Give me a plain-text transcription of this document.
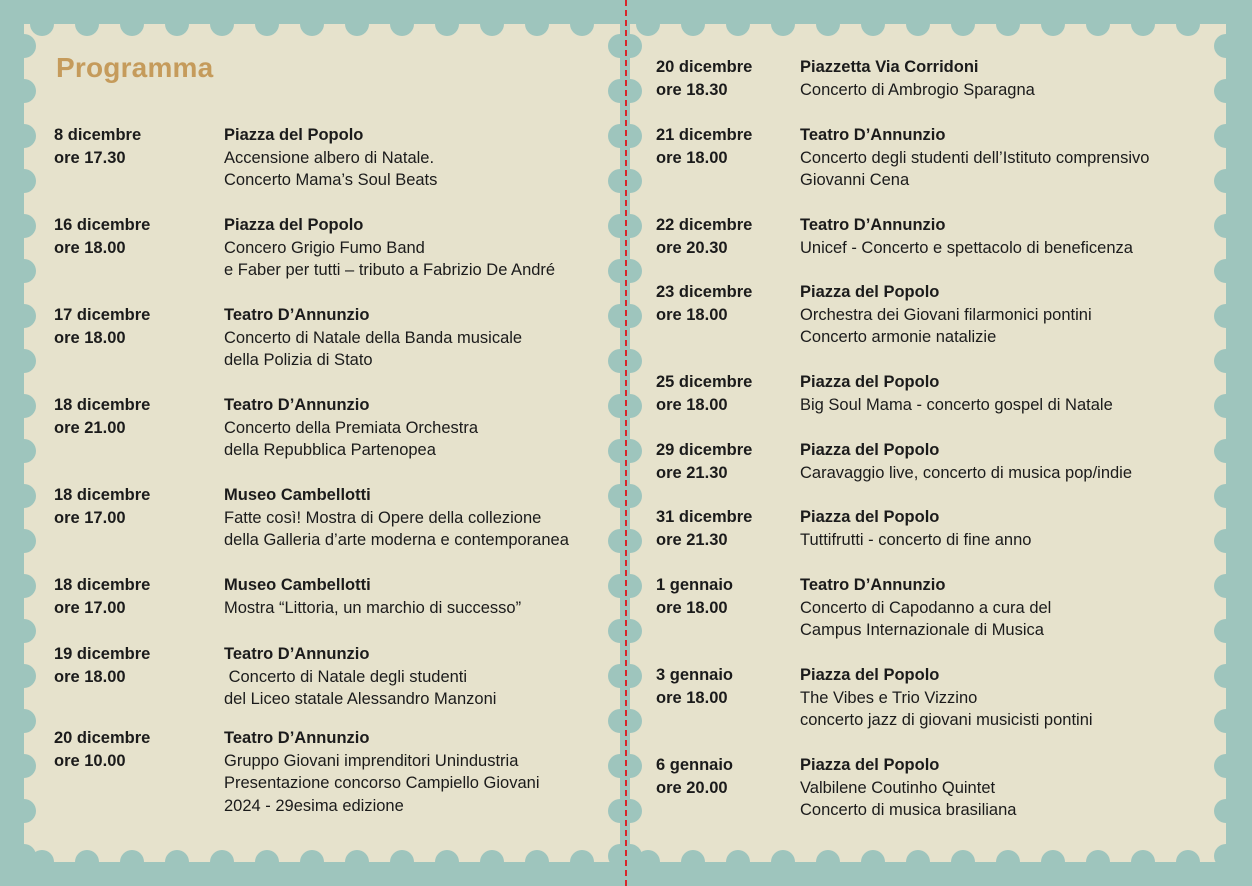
Programma
8 dicembre
ore 17.30
Piazza del Popolo
Accensione albero di Natale.
Concerto Mama’s Soul Beats
16 dicembre
ore 18.00
Piazza del Popolo
Concero Grigio Fumo Band
e Faber per tutti – tributo a Fabrizio De André
17 dicembre
ore 18.00
Teatro D’Annunzio
Concerto di Natale della Banda musicale
della Polizia di Stato
18 dicembre
ore 21.00
Teatro D’Annunzio
Concerto della Premiata Orchestra
della Repubblica Partenopea
18 dicembre
ore 17.00
Museo Cambellotti
Fatte così! Mostra di Opere della collezione
della Galleria d’arte moderna e contemporanea
18 dicembre
ore 17.00
Museo Cambellotti
Mostra “Littoria, un marchio di successo”
19 dicembre
ore 18.00
Teatro D’Annunzio
Concerto di Natale degli studenti
del Liceo statale Alessandro Manzoni
20 dicembre
ore 10.00
Teatro D’Annunzio
Gruppo Giovani imprenditori Unindustria
Presentazione concorso Campiello Giovani
2024 - 29esima edizione
20 dicembre
ore 18.30
Piazzetta Via Corridoni
Concerto di Ambrogio Sparagna
21 dicembre
ore 18.00
Teatro D’Annunzio
Concerto degli studenti dell’Istituto comprensivo
Giovanni Cena
22 dicembre
ore 20.30
Teatro D’Annunzio
Unicef - Concerto e spettacolo di beneficenza
23 dicembre
ore 18.00
Piazza del Popolo
Orchestra dei Giovani filarmonici pontini
Concerto armonie natalizie
25 dicembre
ore 18.00
Piazza del Popolo
Big Soul Mama - concerto gospel di Natale
29 dicembre
ore 21.30
Piazza del Popolo
Caravaggio live, concerto di musica pop/indie
31 dicembre
ore 21.30
Piazza del Popolo
Tuttifrutti - concerto di fine anno
1 gennaio
ore 18.00
Teatro D’Annunzio
Concerto di Capodanno a cura del
Campus Internazionale di Musica
3 gennaio
ore 18.00
Piazza del Popolo
The Vibes e Trio Vizzino
concerto jazz di giovani musicisti pontini
6 gennaio
ore 20.00
Piazza del Popolo
Valbilene Coutinho Quintet
Concerto di musica brasiliana
